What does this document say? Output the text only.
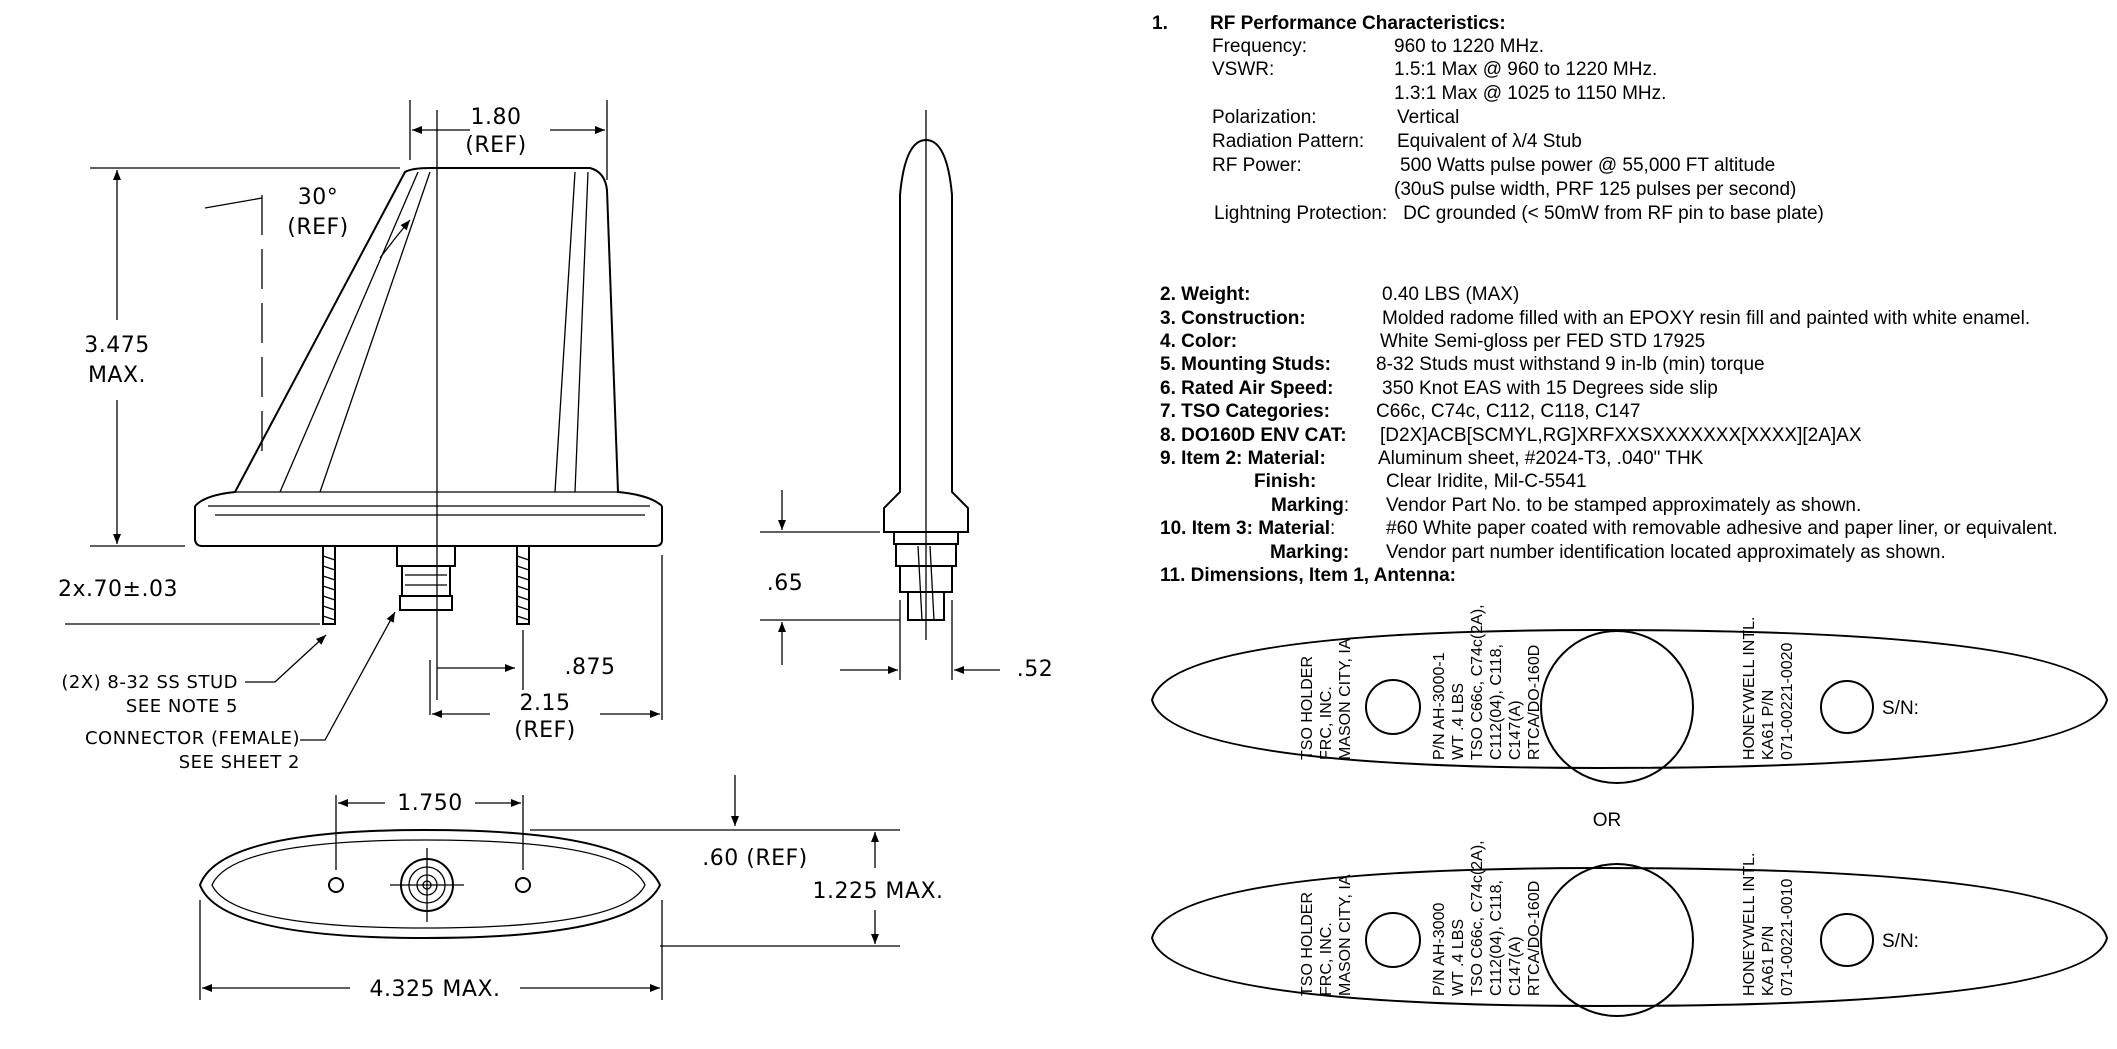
1.80
(REF)
30°
(REF)
3.475
MAX.
2x.70±.03
.875
2.15
(REF)
(2X) 8-32 SS STUD
SEE NOTE 5
CONNECTOR (FEMALE)
SEE SHEET 2
.65
.52
1.750
.60 (REF)
1.225 MAX.
4.325 MAX.
1. RF Performance Characteristics:
Frequency:	960 to 1220 MHz.
VSWR:	1.5:1 Max @ 960 to 1220 MHz.
1.3:1 Max @ 1025 to 1150 MHz.
Polarization:	Vertical
Radiation Pattern: Equivalent of λ/4 Stub
RF Power:	500 Watts pulse power @ 55,000 FT altitude
(30uS pulse width, PRF 125 pulses per second)
Lightning Protection:   DC grounded (< 50mW from RF pin to base plate)
2. Weight:	0.40 LBS (MAX)
3. Construction:	Molded radome filled with an EPOXY resin fill and painted with white enamel.
4. Color:	White Semi-gloss per FED STD 17925
5. Mounting Studs: 8-32 Studs must withstand 9 in-lb (min) torque
6. Rated Air Speed:	350 Knot EAS with 15 Degrees side slip
7. TSO Categories: C66c, C74c, C112, C118, C147
8. DO160D ENV CAT: [D2X]ACB[SCMYL,RG]XRFXXSXXXXXXX[XXXX][2A]AX
9. Item 2: Material:	Aluminum sheet, #2024-T3, .040" THK
Finish:	Clear Iridite, Mil-C-5541
Marking: Vendor Part No. to be stamped approximately as shown.
10. Item 3: Material:	#60 White paper coated with removable adhesive and paper liner, or equivalent.
Marking: Vendor part number identification located approximately as shown.
11. Dimensions, Item 1, Antenna:
TSO HOLDER FRC, INC. MASON CITY, IA	P/N AH-3000-1 WT .4 LBS TSO C66c, C74c(2A), C112(04), C118, C147(A) RTCA/DO-160D	HONEYWELL INTL. KA61 P/N 071-00221-0020	S/N:
OR
TSO HOLDER FRC, INC. MASON CITY, IA	P/N AH-3000 WT .4 LBS TSO C66c, C74c(2A), C112(04), C118, C147(A) RTCA/DO-160D	HONEYWELL INTL. KA61 P/N 071-00221-0010	S/N:
